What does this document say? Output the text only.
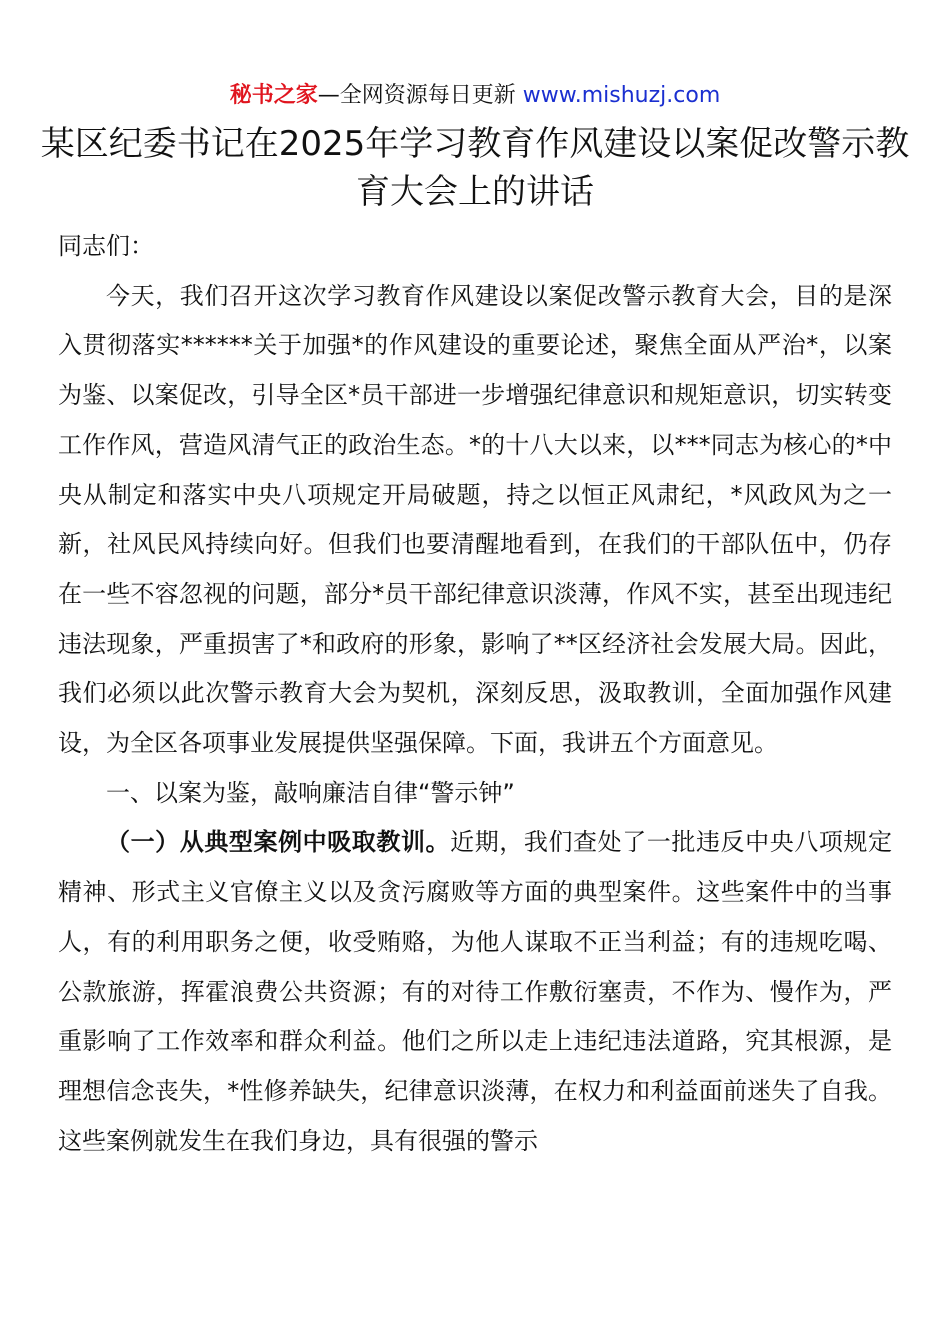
秘书之家—全网资源每日更新 www.mishuzj.com
某区纪委书记在2025年学习教育作风建设以案促改警示教育大会上的讲话

同志们：

今天，我们召开这次学习教育作风建设以案促改警示教育大会，目的是深入贯彻落实******关于加强*的作风建设的重要论述，聚焦全面从严治*，以案为鉴、以案促改，引导全区*员干部进一步增强纪律意识和规矩意识，切实转变工作作风，营造风清气正的政治生态。*的十八大以来，以***同志为核心的*中央从制定和落实中央八项规定开局破题，持之以恒正风肃纪，*风政风为之一新，社风民风持续向好。但我们也要清醒地看到，在我们的干部队伍中，仍存在一些不容忽视的问题，部分*员干部纪律意识淡薄，作风不实，甚至出现违纪违法现象，严重损害了*和政府的形象，影响了**区经济社会发展大局。因此，我们必须以此次警示教育大会为契机，深刻反思，汲取教训，全面加强作风建设，为全区各项事业发展提供坚强保障。下面，我讲五个方面意见。

一、以案为鉴，敲响廉洁自律“警示钟”

（一）从典型案例中吸取教训。近期，我们查处了一批违反中央八项规定精神、形式主义官僚主义以及贪污腐败等方面的典型案件。这些案件中的当事人，有的利用职务之便，收受贿赂，为他人谋取不正当利益；有的违规吃喝、公款旅游，挥霍浪费公共资源；有的对待工作敷衍塞责，不作为、慢作为，严重影响了工作效率和群众利益。他们之所以走上违纪违法道路，究其根源，是理想信念丧失，*性修养缺失，纪律意识淡薄，在权力和利益面前迷失了自我。这些案例就发生在我们身边，具有很强的警示
